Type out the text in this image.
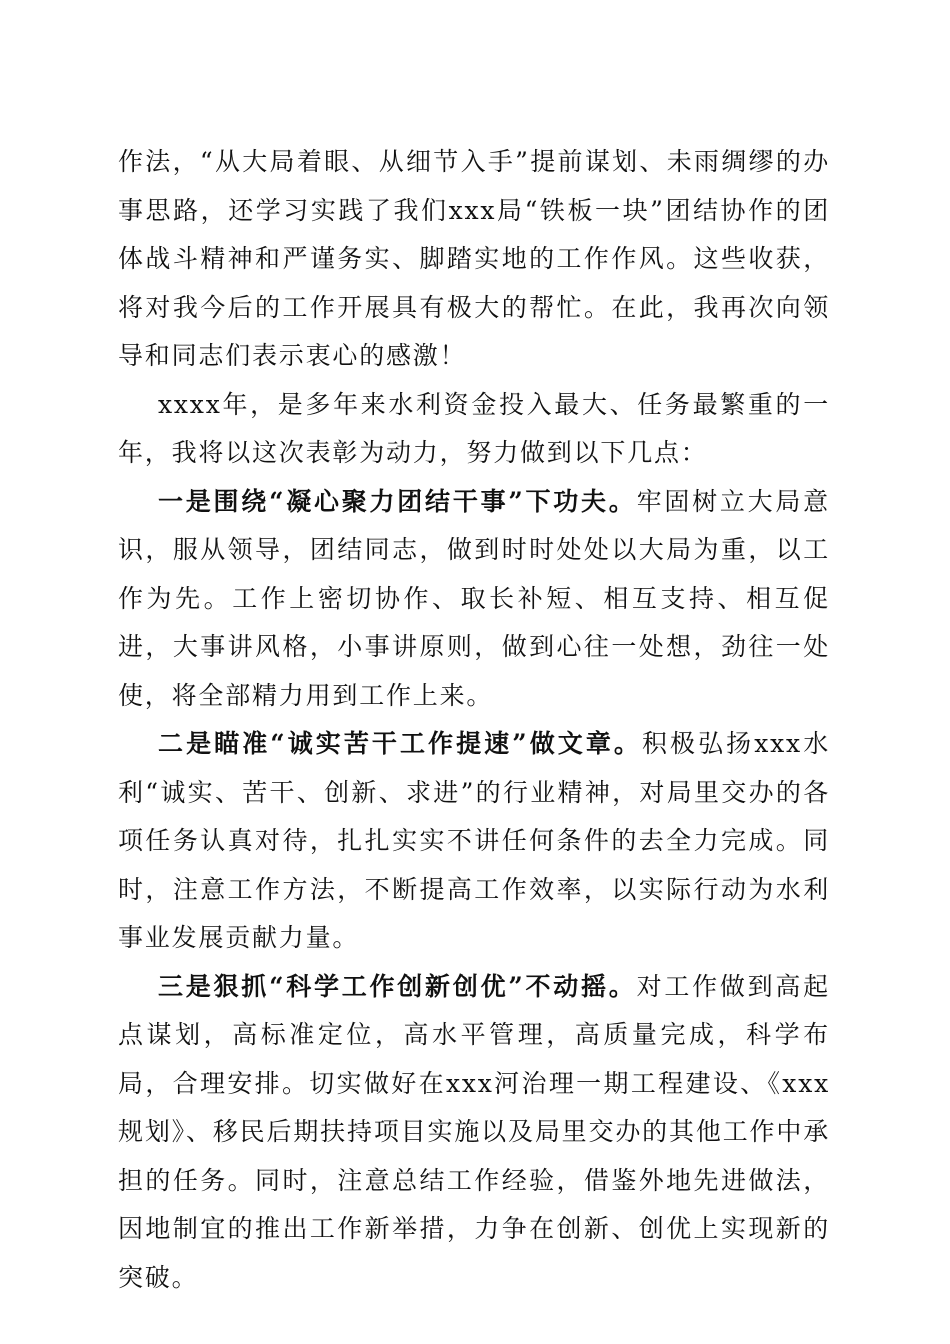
作法，“从大局着眼、从细节入手”提前谋划、未雨绸缪的办事思路，还学习实践了我们xxx局“铁板一块”团结协作的团体战斗精神和严谨务实、脚踏实地的工作作风。这些收获，将对我今后的工作开展具有极大的帮忙。在此，我再次向领导和同志们表示衷心的感激！

xxxx年，是多年来水利资金投入最大、任务最繁重的一年，我将以这次表彰为动力，努力做到以下几点：

一是围绕“凝心聚力团结干事”下功夫。牢固树立大局意识，服从领导，团结同志，做到时时处处以大局为重，以工作为先。工作上密切协作、取长补短、相互支持、相互促进，大事讲风格，小事讲原则，做到心往一处想，劲往一处使，将全部精力用到工作上来。

二是瞄准“诚实苦干工作提速”做文章。积极弘扬xxx水利“诚实、苦干、创新、求进”的行业精神，对局里交办的各项任务认真对待，扎扎实实不讲任何条件的去全力完成。同时，注意工作方法，不断提高工作效率，以实际行动为水利事业发展贡献力量。

三是狠抓“科学工作创新创优”不动摇。对工作做到高起点谋划，高标准定位，高水平管理，高质量完成，科学布局，合理安排。切实做好在xxx河治理一期工程建设、《xxx规划》、移民后期扶持项目实施以及局里交办的其他工作中承担的任务。同时，注意总结工作经验，借鉴外地先进做法，因地制宜的推出工作新举措，力争在创新、创优上实现新的突破。
